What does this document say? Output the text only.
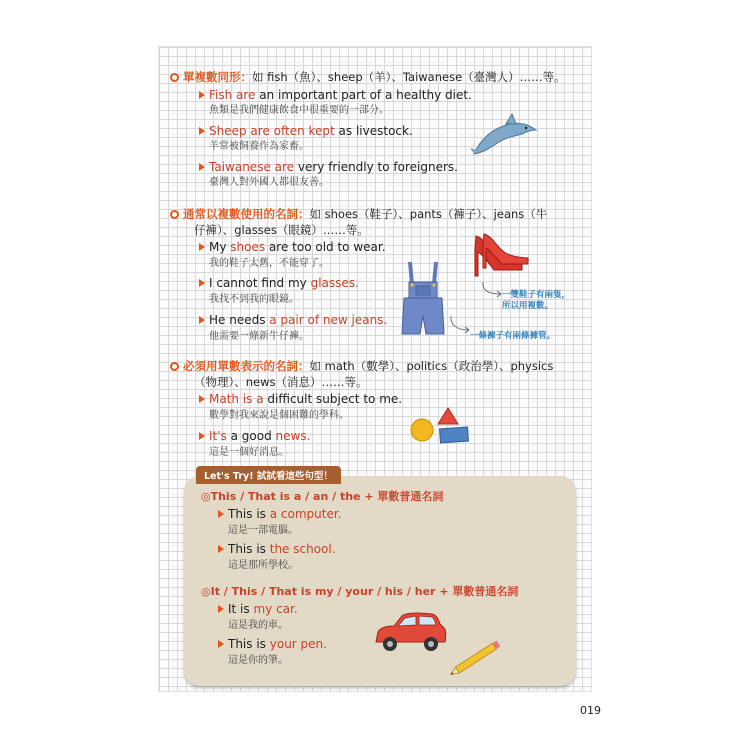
單複數同形：如 fish（魚）、sheep（羊）、Taiwanese（臺灣人）……等。
Fish are an important part of a healthy diet.
魚類是我們健康飲食中很重要的一部分。
Sheep are often kept as livestock.
羊常被飼養作為家畜。
Taiwanese are very friendly to foreigners.
臺灣人對外國人都很友善。
通常以複數使用的名詞：如 shoes（鞋子）、pants（褲子）、jeans（牛
仔褲）、glasses（眼鏡）……等。
My shoes are too old to wear.
我的鞋子太舊，不能穿了。
I cannot find my glasses.
我找不到我的眼鏡。
He needs a pair of new jeans.
他需要一條新牛仔褲。
一雙鞋子有兩隻，
所以用複數。
一條褲子有兩條褲管。
必須用單數表示的名詞：如 math（數學）、politics（政治學）、physics
（物理）、news（消息）……等。
Math is a difficult subject to me.
數學對我來說是個困難的學科。
It's a good news.
這是一個好消息。
Let's Try! 試試看這些句型！
◎This / That is a / an / the + 單數普通名詞
This is a computer.
這是一部電腦。
This is the school.
這是那所學校。
◎It / This / That is my / your / his / her + 單數普通名詞
It is my car.
這是我的車。
This is your pen.
這是你的筆。
019
